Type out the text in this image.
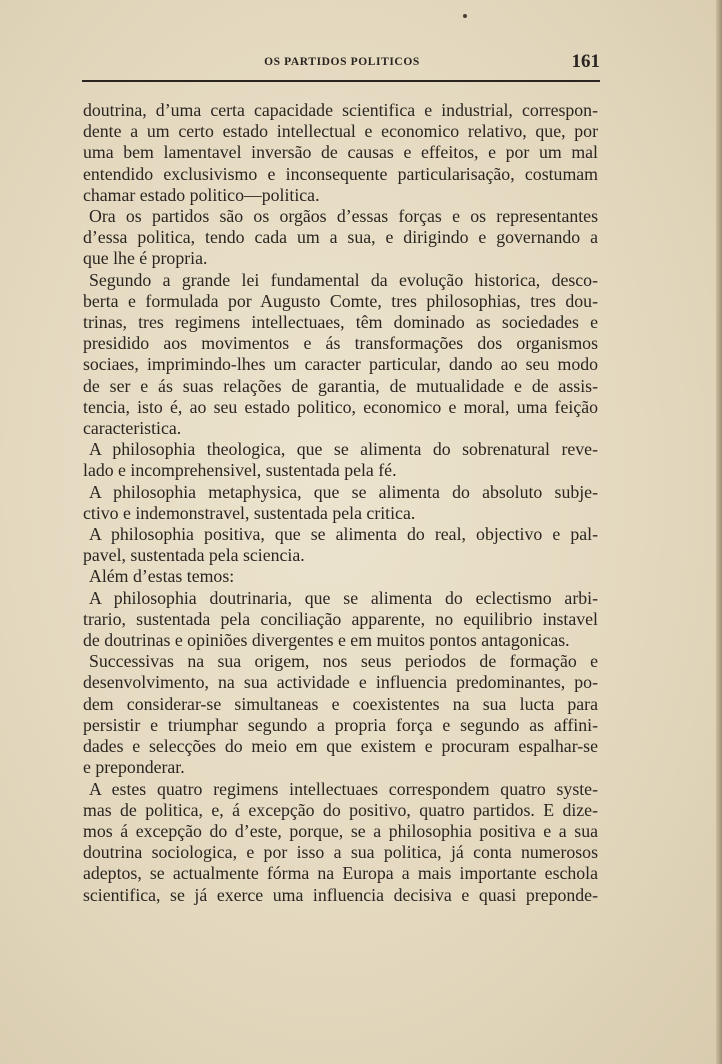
OS PARTIDOS POLITICOS	161
doutrina, d’uma certa capacidade scientifica e industrial, correspon-
dente a um certo estado intellectual e economico relativo, que, por
uma bem lamentavel inversão de causas e effeitos, e por um mal
entendido exclusivismo e inconsequente particularisação, costumam
chamar estado politico—politica.
Ora os partidos são os orgãos d’essas forças e os representantes
d’essa politica, tendo cada um a sua, e dirigindo e governando a
que lhe é propria.
Segundo a grande lei fundamental da evolução historica, desco-
berta e formulada por Augusto Comte, tres philosophias, tres dou-
trinas, tres regimens intellectuaes, têm dominado as sociedades e
presidido aos movimentos e ás transformações dos organismos
sociaes, imprimindo-lhes um caracter particular, dando ao seu modo
de ser e ás suas relações de garantia, de mutualidade e de assis-
tencia, isto é, ao seu estado politico, economico e moral, uma feição
caracteristica.
A philosophia theologica, que se alimenta do sobrenatural reve-
lado e incomprehensivel, sustentada pela fé.
A philosophia metaphysica, que se alimenta do absoluto subje-
ctivo e indemonstravel, sustentada pela critica.
A philosophia positiva, que se alimenta do real, objectivo e pal-
pavel, sustentada pela sciencia.
Além d’estas temos:
A philosophia doutrinaria, que se alimenta do eclectismo arbi-
trario, sustentada pela conciliação apparente, no equilibrio instavel
de doutrinas e opiniões divergentes e em muitos pontos antagonicas.
Successivas na sua origem, nos seus periodos de formação e
desenvolvimento, na sua actividade e influencia predominantes, po-
dem considerar-se simultaneas e coexistentes na sua lucta para
persistir e triumphar segundo a propria força e segundo as affini-
dades e selecções do meio em que existem e procuram espalhar-se
e preponderar.
A estes quatro regimens intellectuaes correspondem quatro syste-
mas de politica, e, á excepção do positivo, quatro partidos. E dize-
mos á excepção do d’este, porque, se a philosophia positiva e a sua
doutrina sociologica, e por isso a sua politica, já conta numerosos
adeptos, se actualmente fórma na Europa a mais importante eschola
scientifica, se já exerce uma influencia decisiva e quasi preponde-
